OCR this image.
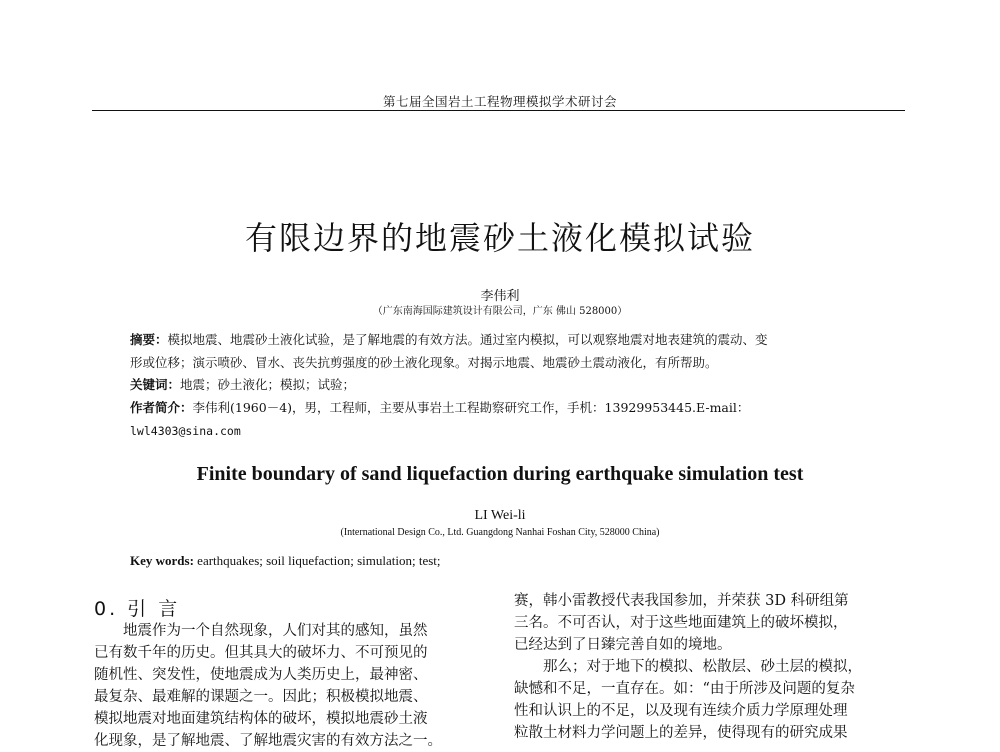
第七届全国岩土工程物理模拟学术研讨会
有限边界的地震砂土液化模拟试验
李伟利
（广东南海国际建筑设计有限公司，广东 佛山 528000）
摘要：模拟地震、地震砂土液化试验，是了解地震的有效方法。通过室内模拟，可以观察地震对地表建筑的震动、变
形或位移；演示喷砂、冒水、丧失抗剪强度的砂土液化现象。对揭示地震、地震砂土震动液化，有所帮助。
关键词：地震；砂土液化；模拟；试验；
作者简介：李伟利(1960－4)，男，工程师，主要从事岩土工程勘察研究工作，手机：13929953445.E-mail：
lwl4303@sina.com
Finite boundary of sand liquefaction during earthquake simulation test
LI Wei-li
(International Design Co., Ltd. Guangdong Nanhai Foshan City, 528000 China)
Key words: earthquakes; soil liquefaction; simulation; test;
0. 引 言

地震作为一个自然现象，人们对其的感知，虽然

已有数千年的历史。但其具大的破坏力、不可预见的

随机性、突发性，使地震成为人类历史上，最神密、

最复杂、最难解的课题之一。因此；积极模拟地震、

模拟地震对地面建筑结构体的破坏，模拟地震砂土液

化现象，是了解地震、了解地震灾害的有效方法之一。

赛，韩小雷教授代表我国参加，并荣获 3D 科研组第

三名。不可否认，对于这些地面建筑上的破坏模拟，

已经达到了日臻完善自如的境地。

那么；对于地下的模拟、松散层、砂土层的模拟，

缺憾和不足，一直存在。如：“由于所涉及问题的复杂

性和认识上的不足，以及现有连续介质力学原理处理

粒散土材料力学问题上的差异，使得现有的研究成果
